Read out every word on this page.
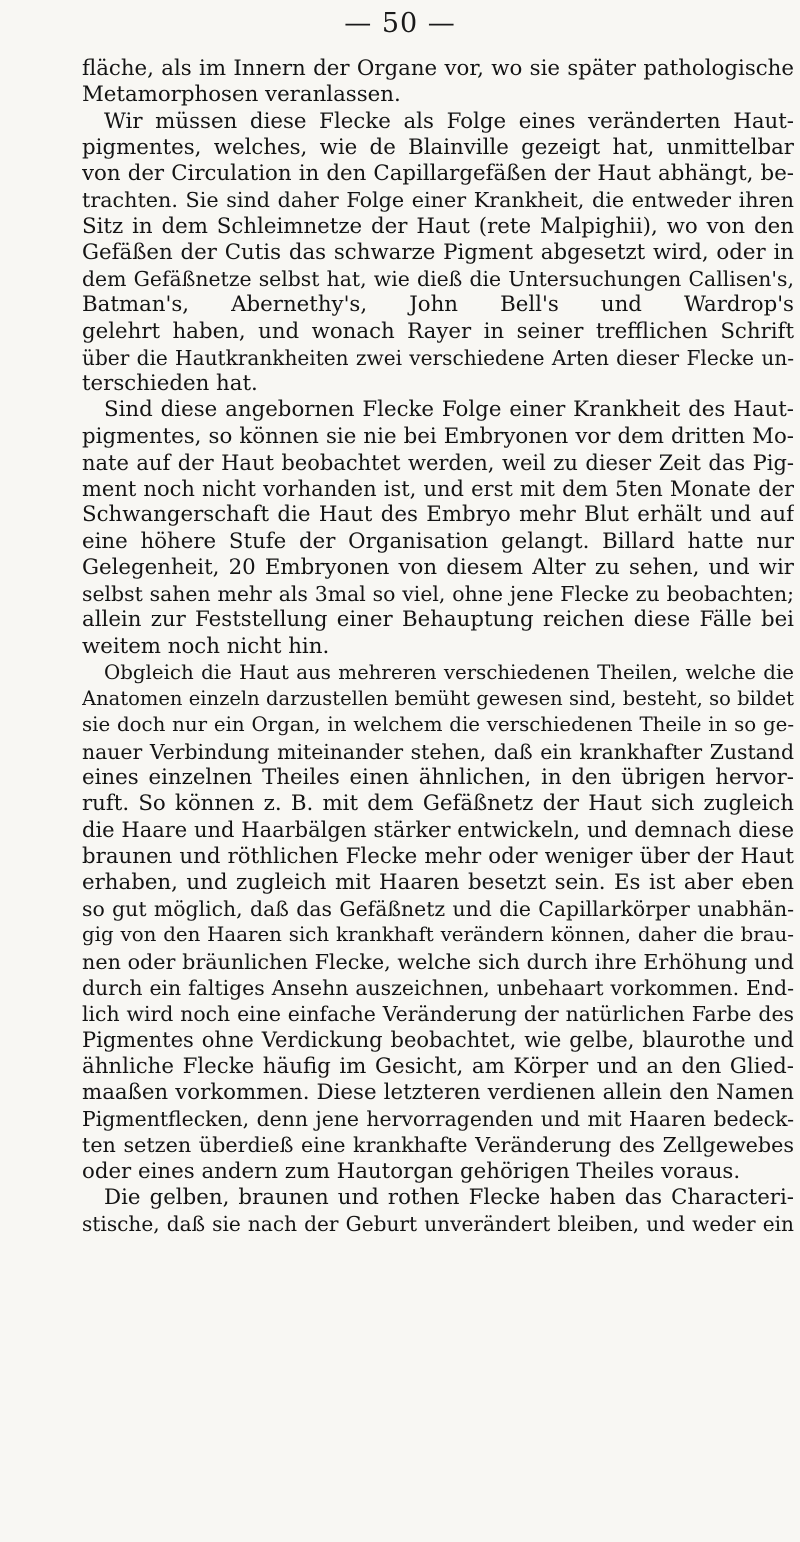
— 50 —
fläche, als im Innern der Organe vor, wo sie später pathologische
Metamorphosen veranlassen.
Wir müssen diese Flecke als Folge eines veränderten Haut-
pigmentes, welches, wie de Blainville gezeigt hat, unmittelbar
von der Circulation in den Capillargefäßen der Haut abhängt, be-
trachten. Sie sind daher Folge einer Krankheit, die entweder ihren
Sitz in dem Schleimnetze der Haut (rete Malpighii), wo von den
Gefäßen der Cutis das schwarze Pigment abgesetzt wird, oder in
dem Gefäßnetze selbst hat, wie dieß die Untersuchungen Callisen's,
Batman's, Abernethy's, John Bell's und Wardrop's
gelehrt haben, und wonach Rayer in seiner trefflichen Schrift
über die Hautkrankheiten zwei verschiedene Arten dieser Flecke un-
terschieden hat.
Sind diese angebornen Flecke Folge einer Krankheit des Haut-
pigmentes, so können sie nie bei Embryonen vor dem dritten Mo-
nate auf der Haut beobachtet werden, weil zu dieser Zeit das Pig-
ment noch nicht vorhanden ist, und erst mit dem 5ten Monate der
Schwangerschaft die Haut des Embryo mehr Blut erhält und auf
eine höhere Stufe der Organisation gelangt. Billard hatte nur
Gelegenheit, 20 Embryonen von diesem Alter zu sehen, und wir
selbst sahen mehr als 3mal so viel, ohne jene Flecke zu beobachten;
allein zur Feststellung einer Behauptung reichen diese Fälle bei
weitem noch nicht hin.
Obgleich die Haut aus mehreren verschiedenen Theilen, welche die
Anatomen einzeln darzustellen bemüht gewesen sind, besteht, so bildet
sie doch nur ein Organ, in welchem die verschiedenen Theile in so ge-
nauer Verbindung miteinander stehen, daß ein krankhafter Zustand
eines einzelnen Theiles einen ähnlichen, in den übrigen hervor-
ruft. So können z. B. mit dem Gefäßnetz der Haut sich zugleich
die Haare und Haarbälgen stärker entwickeln, und demnach diese
braunen und röthlichen Flecke mehr oder weniger über der Haut
erhaben, und zugleich mit Haaren besetzt sein. Es ist aber eben
so gut möglich, daß das Gefäßnetz und die Capillarkörper unabhän-
gig von den Haaren sich krankhaft verändern können, daher die brau-
nen oder bräunlichen Flecke, welche sich durch ihre Erhöhung und
durch ein faltiges Ansehn auszeichnen, unbehaart vorkommen. End-
lich wird noch eine einfache Veränderung der natürlichen Farbe des
Pigmentes ohne Verdickung beobachtet, wie gelbe, blaurothe und
ähnliche Flecke häufig im Gesicht, am Körper und an den Glied-
maaßen vorkommen. Diese letzteren verdienen allein den Namen
Pigmentflecken, denn jene hervorragenden und mit Haaren bedeck-
ten setzen überdieß eine krankhafte Veränderung des Zellgewebes
oder eines andern zum Hautorgan gehörigen Theiles voraus.
Die gelben, braunen und rothen Flecke haben das Characteri-
stische, daß sie nach der Geburt unverändert bleiben, und weder ein
